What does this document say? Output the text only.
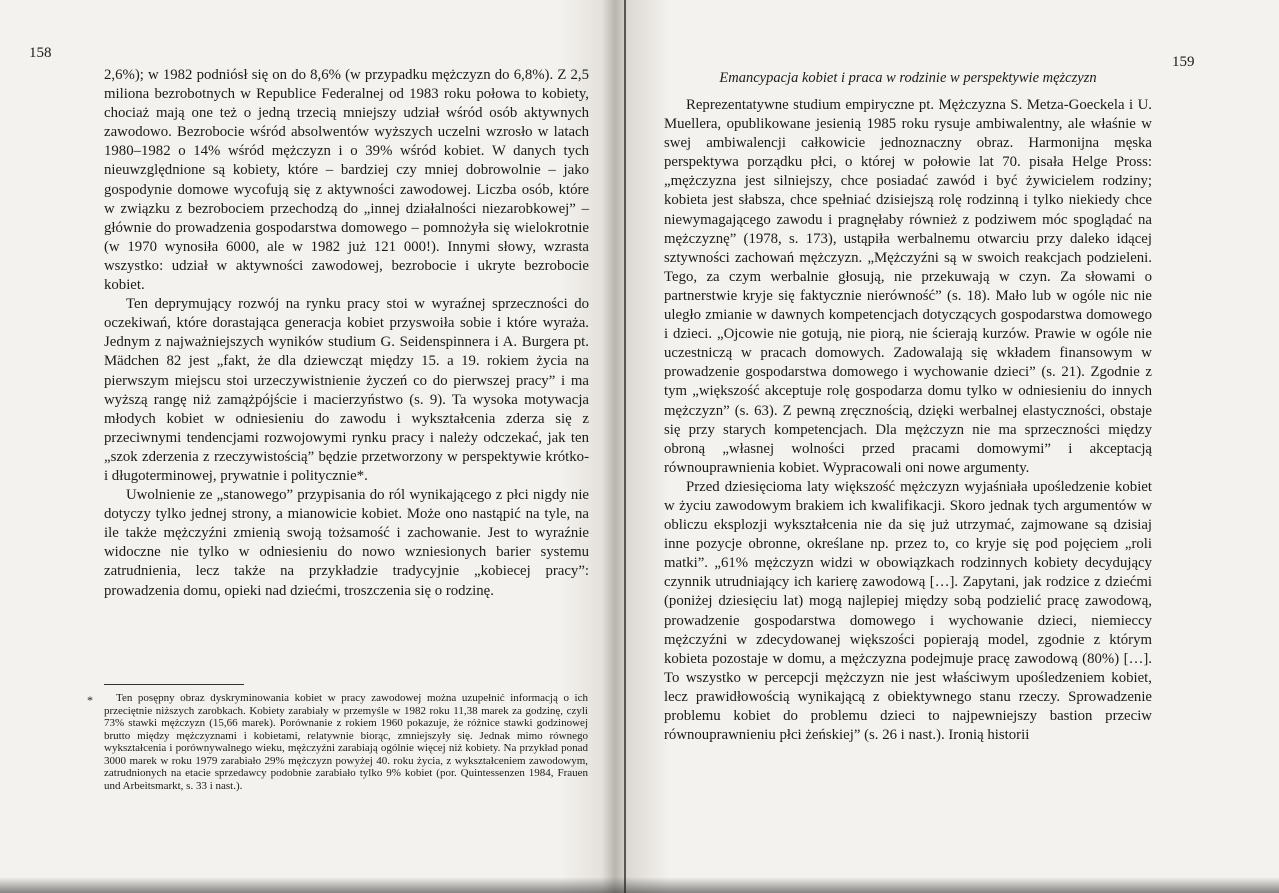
158
159

2,6%); w 1982 podniósł się on do 8,6% (w przypadku mężczyzn do 6,8%). Z 2,5 miliona bezrobotnych w Republice Federalnej od 1983 roku połowa to kobiety, chociaż mają one też o jedną trzecią mniejszy udział wśród osób aktywnych zawodowo. Bezrobocie wśród absolwentów wyższych uczelni wzrosło w latach 1980–1982 o 14% wśród mężczyzn i o 39% wśród kobiet. W danych tych nieuwzględnione są kobiety, które – bardziej czy mniej dobrowolnie – jako gospodynie domowe wycofują się z aktywności zawodowej. Liczba osób, które w związku z bezrobociem przechodzą do „innej działalności niezarobkowej” – głównie do prowadzenia gospodarstwa domowego – pomnożyła się wielokrotnie (w 1970 wynosiła 6000, ale w 1982 już 121 000!). Innymi słowy, wzrasta wszystko: udział w aktywności zawodowej, bezrobocie i ukryte bezrobocie kobiet.

Ten deprymujący rozwój na rynku pracy stoi w wyraźnej sprzeczności do oczekiwań, które dorastająca generacja kobiet przyswoiła sobie i które wyraża. Jednym z najważniejszych wyników studium G. Seidenspinnera i A. Burgera pt. Mädchen 82 jest „fakt, że dla dziewcząt między 15. a 19. rokiem życia na pierwszym miejscu stoi urzeczywistnienie życzeń co do pierwszej pracy” i ma wyższą rangę niż zamążpójście i macierzyństwo (s. 9). Ta wysoka motywacja młodych kobiet w odniesieniu do zawodu i wykształcenia zderza się z przeciwnymi tendencjami rozwojowymi rynku pracy i należy odczekać, jak ten „szok zderzenia z rzeczywistością” będzie przetworzony w perspektywie krótko- i długoterminowej, prywatnie i politycznie*.

Uwolnienie ze „stanowego” przypisania do ról wynikającego z płci nigdy nie dotyczy tylko jednej strony, a mianowicie kobiet. Może ono nastąpić na tyle, na ile także mężczyźni zmienią swoją tożsamość i zachowanie. Jest to wyraźnie widoczne nie tylko w odniesieniu do nowo wzniesionych barier systemu zatrudnienia, lecz także na przykładzie tradycyjnie „kobiecej pracy”: prowadzenia domu, opieki nad dziećmi, troszczenia się o rodzinę.

*	Ten posępny obraz dyskryminowania kobiet w pracy zawodowej można uzupełnić informacją o ich przeciętnie niższych zarobkach. Kobiety zarabiały w przemyśle w 1982 roku 11,38 marek za godzinę, czyli 73% stawki mężczyzn (15,66 marek). Porównanie z rokiem 1960 pokazuje, że różnice stawki godzinowej brutto między mężczyznami i kobietami, relatywnie biorąc, zmniejszyły się. Jednak mimo równego wykształcenia i porównywalnego wieku, mężczyźni zarabiają ogólnie więcej niż kobiety. Na przykład ponad 3000 marek w roku 1979 zarabiało 29% mężczyzn powyżej 40. roku życia, z wykształceniem zawodowym, zatrudnionych na etacie sprzedawcy podobnie zarabiało tylko 9% kobiet (por. Quintessenzen 1984, Frauen und Arbeitsmarkt, s. 33 i nast.).

Emancypacja kobiet i praca w rodzinie w perspektywie mężczyzn

Reprezentatywne studium empiryczne pt. Mężczyzna S. Metza-Goeckela i U. Muellera, opublikowane jesienią 1985 roku rysuje ambiwalentny, ale właśnie w swej ambiwalencji całkowicie jednoznaczny obraz. Harmonijna męska perspektywa porządku płci, o której w połowie lat 70. pisała Helge Pross: „mężczyzna jest silniejszy, chce posiadać zawód i być żywicielem rodziny; kobieta jest słabsza, chce spełniać dzisiejszą rolę rodzinną i tylko niekiedy chce niewymagającego zawodu i pragnęłaby również z podziwem móc spoglądać na mężczyznę” (1978, s. 173), ustąpiła werbalnemu otwarciu przy daleko idącej sztywności zachowań mężczyzn. „Mężczyźni są w swoich reakcjach podzieleni. Tego, za czym werbalnie głosują, nie przekuwają w czyn. Za słowami o partnerstwie kryje się faktycznie nierówność” (s. 18). Mało lub w ogóle nic nie uległo zmianie w dawnych kompetencjach dotyczących gospodarstwa domowego i dzieci. „Ojcowie nie gotują, nie piorą, nie ścierają kurzów. Prawie w ogóle nie uczestniczą w pracach domowych. Zadowalają się wkładem finansowym w prowadzenie gospodarstwa domowego i wychowanie dzieci” (s. 21). Zgodnie z tym „większość akceptuje rolę gospodarza domu tylko w odniesieniu do innych mężczyzn” (s. 63). Z pewną zręcznością, dzięki werbalnej elastyczności, obstaje się przy starych kompetencjach. Dla mężczyzn nie ma sprzeczności między obroną „własnej wolności przed pracami domowymi” i akceptacją równouprawnienia kobiet. Wypracowali oni nowe argumenty.

Przed dziesięcioma laty większość mężczyzn wyjaśniała upośledzenie kobiet w życiu zawodowym brakiem ich kwalifikacji. Skoro jednak tych argumentów w obliczu eksplozji wykształcenia nie da się już utrzymać, zajmowane są dzisiaj inne pozycje obronne, określane np. przez to, co kryje się pod pojęciem „roli matki”. „61% mężczyzn widzi w obowiązkach rodzinnych kobiety decydujący czynnik utrudniający ich karierę zawodową […]. Zapytani, jak rodzice z dziećmi (poniżej dziesięciu lat) mogą najlepiej między sobą podzielić pracę zawodową, prowadzenie gospodarstwa domowego i wychowanie dzieci, niemieccy mężczyźni w zdecydowanej większości popierają model, zgodnie z którym kobieta pozostaje w domu, a mężczyzna podejmuje pracę zawodową (80%) […]. To wszystko w percepcji mężczyzn nie jest właściwym upośledzeniem kobiet, lecz prawidłowością wynikającą z obiektywnego stanu rzeczy. Sprowadzenie problemu kobiet do problemu dzieci to najpewniejszy bastion przeciw równouprawnieniu płci żeńskiej” (s. 26 i nast.). Ironią historii
